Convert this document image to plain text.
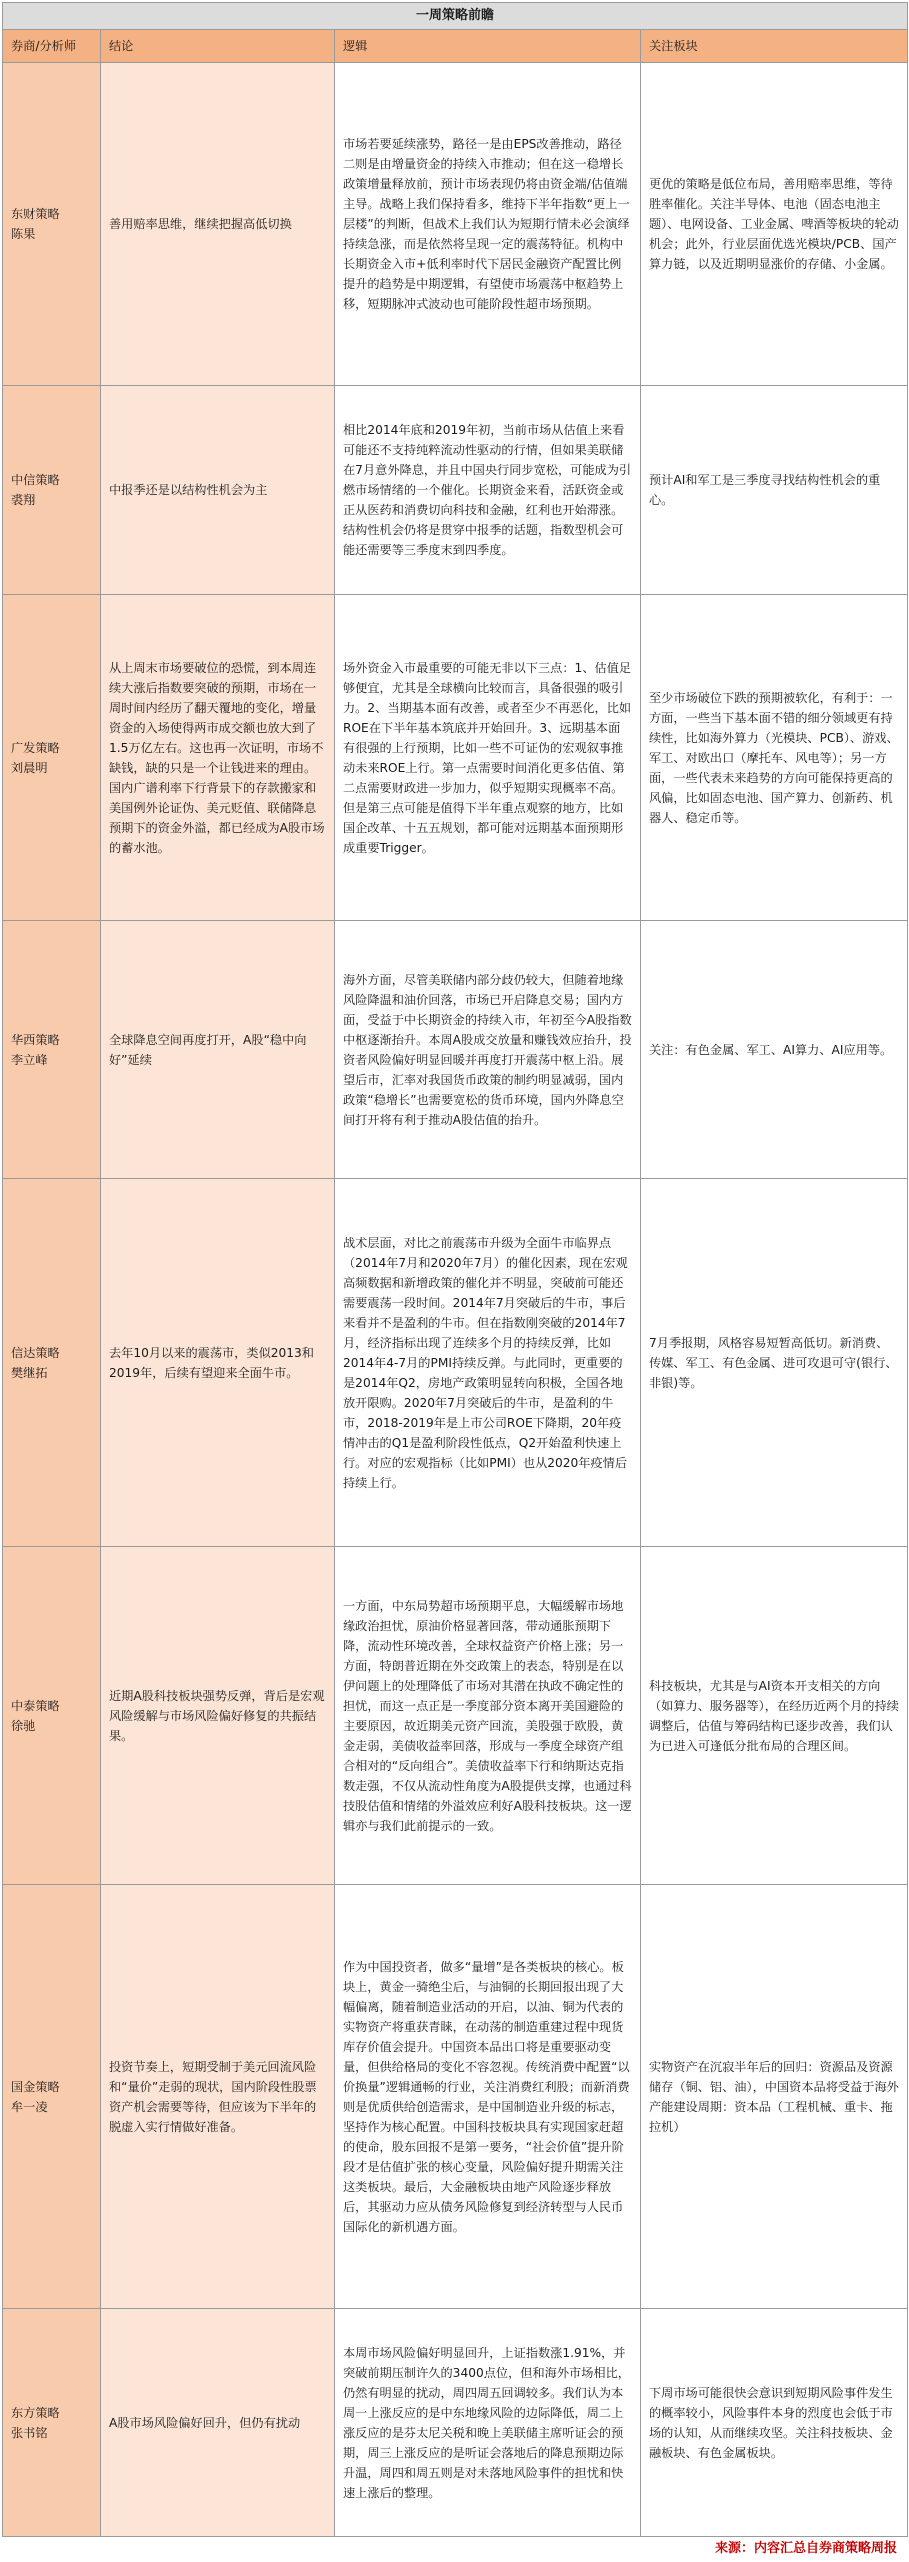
一周策略前瞻			
券商/分析师	结论	逻辑	关注板块
东财策略
陈果	善用赔率思维，继续把握高低切换	市场若要延续涨势，路径一是由EPS改善推动，路径二则是由增量资金的持续入市推动；但在这一稳增长政策增量释放前，预计市场表现仍将由资金端/估值端主导。战略上我们保持看多，维持下半年指数“更上一层楼”的判断，但战术上我们认为短期行情未必会演绎持续急涨，而是依然将呈现一定的震荡特征。机构中长期资金入市+低利率时代下居民金融资产配置比例提升的趋势是中期逻辑，有望使市场震荡中枢趋势上移，短期脉冲式波动也可能阶段性超市场预期。	更优的策略是低位布局，善用赔率思维，等待胜率催化。关注半导体、电池（固态电池主题）、电网设备、工业金属、啤酒等板块的轮动机会；此外，行业层面优选光模块/PCB、国产算力链，以及近期明显涨价的存储、小金属。
中信策略
裘翔	中报季还是以结构性机会为主	相比2014年底和2019年初，当前市场从估值上来看可能还不支持纯粹流动性驱动的行情，但如果美联储在7月意外降息，并且中国央行同步宽松，可能成为引燃市场情绪的一个催化。长期资金来看，活跃资金或正从医药和消费切向科技和金融，红利也开始滞涨。结构性机会仍将是贯穿中报季的话题，指数型机会可能还需要等三季度末到四季度。	预计AI和军工是三季度寻找结构性机会的重心。
广发策略
刘晨明	从上周末市场要破位的恐慌，到本周连续大涨后指数要突破的预期，市场在一周时间内经历了翻天覆地的变化，增量资金的入场使得两市成交额也放大到了1.5万亿左右。这也再一次证明，市场不缺钱，缺的只是一个让钱进来的理由。国内广谱利率下行背景下的存款搬家和美国例外论证伪、美元贬值、联储降息预期下的资金外溢，都已经成为A股市场的蓄水池。	场外资金入市最重要的可能无非以下三点：1、估值足够便宜，尤其是全球横向比较而言，具备很强的吸引力。2、当期基本面有改善，或者至少不再恶化，比如ROE在下半年基本筑底并开始回升。3、远期基本面有很强的上行预期，比如一些不可证伪的宏观叙事推动未来ROE上行。第一点需要时间消化更多估值、第二点需要财政进一步加力，似乎短期实现概率不高。但是第三点可能是值得下半年重点观察的地方，比如国企改革、十五五规划，都可能对远期基本面预期形成重要Trigger。	至少市场破位下跌的预期被软化，有利于：一方面，一些当下基本面不错的细分领域更有持续性，比如海外算力（光模块、PCB）、游戏、军工、对欧出口（摩托车、风电等）；另一方面，一些代表未来趋势的方向可能保持更高的风偏，比如固态电池、国产算力、创新药、机器人、稳定币等。
华西策略
李立峰	全球降息空间再度打开，A股“稳中向好”延续	海外方面，尽管美联储内部分歧仍较大，但随着地缘风险降温和油价回落，市场已开启降息交易；国内方面，受益于中长期资金的持续入市，年初至今A股指数中枢逐渐抬升。本周A股成交放量和赚钱效应抬升，投资者风险偏好明显回暖并再度打开震荡中枢上沿。展望后市，汇率对我国货币政策的制约明显减弱，国内政策“稳增长”也需要宽松的货币环境，国内外降息空间打开将有利于推动A股估值的抬升。	关注：有色金属、军工、AI算力、AI应用等。
信达策略
樊继拓	去年10月以来的震荡市，类似2013和2019年，后续有望迎来全面牛市。	战术层面，对比之前震荡市升级为全面牛市临界点（2014年7月和2020年7月）的催化因素，现在宏观高频数据和新增政策的催化并不明显，突破前可能还需要震荡一段时间。2014年7月突破后的牛市，事后来看并不是盈利的牛市。但在指数刚突破的2014年7月，经济指标出现了连续多个月的持续反弹，比如2014年4-7月的PMI持续反弹。与此同时，更重要的是2014年Q2，房地产政策明显转向积极，全国各地放开限购。2020年7月突破后的牛市，是盈利的牛市，2018-2019年是上市公司ROE下降期，20年疫情冲击的Q1是盈利阶段性低点，Q2开始盈利快速上行。对应的宏观指标（比如PMI）也从2020年疫情后持续上行。	7月季报期，风格容易短暂高低切。新消费、传媒、军工、有色金属、进可攻退可守(银行、非银)等。
中泰策略
徐驰	近期A股科技板块强势反弹，背后是宏观风险缓解与市场风险偏好修复的共振结果。	一方面，中东局势超市场预期平息，大幅缓解市场地缘政治担忧，原油价格显著回落，带动通胀预期下降，流动性环境改善，全球权益资产价格上涨；另一方面，特朗普近期在外交政策上的表态，特别是在以伊问题上的处理降低了市场对其潜在执政不确定性的担忧，而这一点正是一季度部分资本离开美国避险的主要原因，故近期美元资产回流，美股强于欧股，黄金走弱，美债收益率回落，形成与一季度全球资产组合相对的“反向组合”。美债收益率下行和纳斯达克指数走强，不仅从流动性角度为A股提供支撑，也通过科技股估值和情绪的外溢效应利好A股科技板块。这一逻辑亦与我们此前提示的一致。	科技板块，尤其是与AI资本开支相关的方向（如算力、服务器等），在经历近两个月的持续调整后，估值与筹码结构已逐步改善，我们认为已进入可逢低分批布局的合理区间。
国金策略
牟一凌	投资节奏上，短期受制于美元回流风险和“量价”走弱的现状，国内阶段性股票资产机会需要等待，但应该为下半年的脱虚入实行情做好准备。	作为中国投资者，做多“量增”是各类板块的核心。板块上，黄金一骑绝尘后，与油铜的长期回报出现了大幅偏离，随着制造业活动的开启，以油、铜为代表的实物资产将重获青睐，在动荡的制造重建过程中现货库存价值会提升。中国资本品出口将是重要驱动变量，但供给格局的变化不容忽视。传统消费中配置“以价换量”逻辑通畅的行业，关注消费红利股；而新消费则是优质供给创造需求，是中国制造业升级的标志，坚持作为核心配置。中国科技板块具有实现国家赶超的使命，股东回报不是第一要务，“社会价值”提升阶段才是估值扩张的核心变量，风险偏好提升期需关注这类板块。最后，大金融板块由地产风险逐步释放后，其驱动力应从债务风险修复到经济转型与人民币国际化的新机遇方面。	实物资产在沉寂半年后的回归：资源品及资源储存（铜、铝、油），中国资本品将受益于海外产能建设周期：资本品（工程机械、重卡、拖拉机）
东方策略
张书铭	A股市场风险偏好回升，但仍有扰动	本周市场风险偏好明显回升，上证指数涨1.91%，并突破前期压制许久的3400点位，但和海外市场相比，仍然有明显的扰动，周四周五回调较多。我们认为本周一上涨反应的是中东地缘风险的边际降低，周二上涨反应的是芬太尼关税和晚上美联储主席听证会的预期，周三上涨反应的是听证会落地后的降息预期边际升温，周四和周五则是对未落地风险事件的担忧和快速上涨后的整理。	下周市场可能很快会意识到短期风险事件发生的概率较小，风险事件本身的烈度也会低于市场的认知，从而继续攻坚。关注科技板块、金融板块、有色金属板块。
来源：内容汇总自券商策略周报
